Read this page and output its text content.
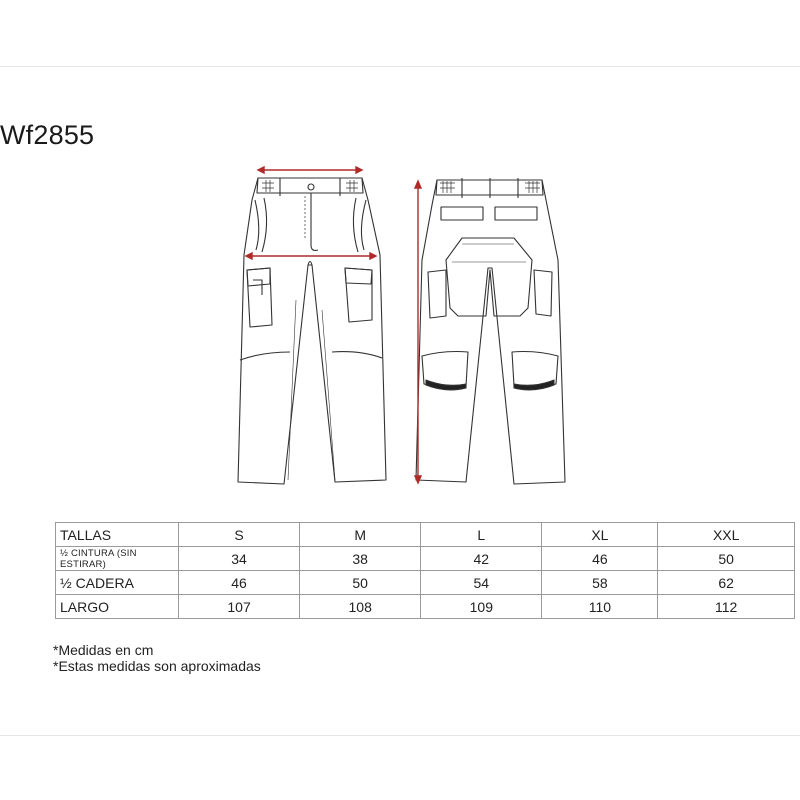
Wf2855
TALLAS	S	M	L	XL	XXL
½ CINTURA (SIN ESTIRAR)	34	38	42	46	50
½ CADERA	46	50	54	58	62
LARGO	107	108	109	110	112
*Medidas en cm
*Estas medidas son aproximadas
